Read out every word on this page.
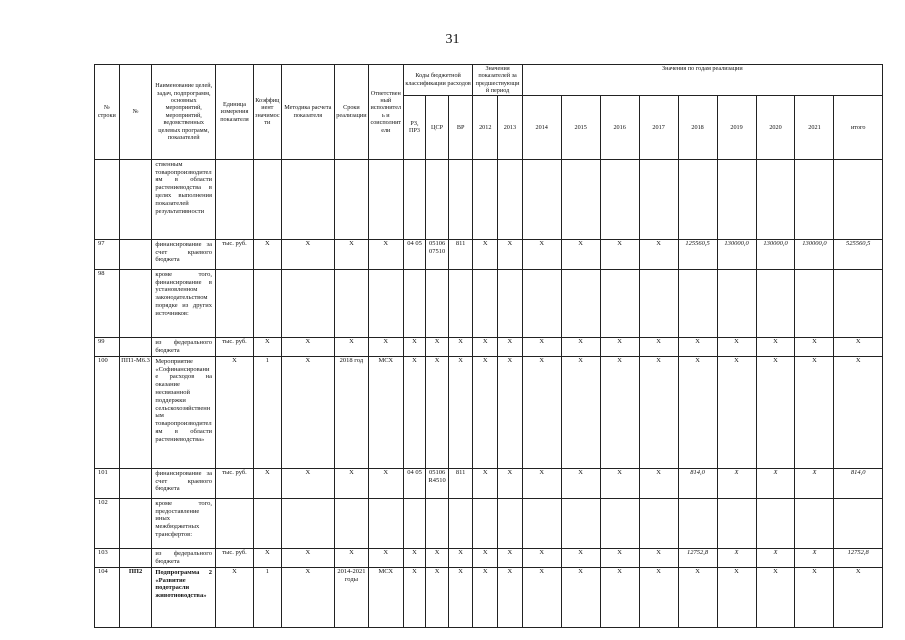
31
№ строки	№	Наименование целей, задач, подпрограмм, основных мероприятий, мероприятий, ведомственных целевых программ, показателей	Единица измерения показателя	Коэффициент значимости	Методика расчета показателя	Сроки реализации	Ответственный исполнитель и соисполнители	Коды бюджетной классификации расходов			Значения показателей за предшествующий период		Значения по годам реализации								
								РЗ, ПР3	ЦСР	ВР	2012	2013	2014	2015	2016	2017	2018	2019	2020	2021	итого
		ственным товаропроизводителям в области растениеводства в целях выполнения показателей результативности																			
97		финансирование за счет краевого бюджета	тыс. руб.	Х	Х	Х	Х	04 05	05106 07510	811	Х	Х	Х	Х	Х	Х	125560,5	130000,0	130000,0	130000,0	525560,5
98		кроме того, финансирование в установленном законодательством порядке из других источников:																			
99		из федерального бюджета	тыс. руб.	Х	Х	Х	Х	Х	Х	Х	Х	Х	Х	Х	Х	Х	Х	Х	Х	Х	Х
100	ПП1-М6.3	Мероприятие «Софинансирование расходов на оказание несвязанной поддержки сельскохозяйственным товаропроизводителям в области растениеводства»	Х	1	Х	2018 год	МСХ	Х	Х	Х	Х	Х	Х	Х	Х	Х	Х	Х	Х	Х	Х
101		финансирование за счет краевого бюджета	тыс. руб.	Х	Х	Х	Х	04 05	05106 R4510	811	Х	Х	Х	Х	Х	Х	814,0	Х	Х	Х	814,0
102		кроме того, предоставление иных межбюджетных трансфертов:																			
103		из федерального бюджета	тыс. руб.	Х	Х	Х	Х	Х	Х	Х	Х	Х	Х	Х	Х	Х	12752,8	Х	Х	Х	12752,8
104	ПП2	Подпрограмма 2 «Развитие подотрасли животноводства»	Х	1	Х	2014-2021 годы	МСХ	Х	Х	Х	Х	Х	Х	Х	Х	Х	Х	Х	Х	Х	Х
